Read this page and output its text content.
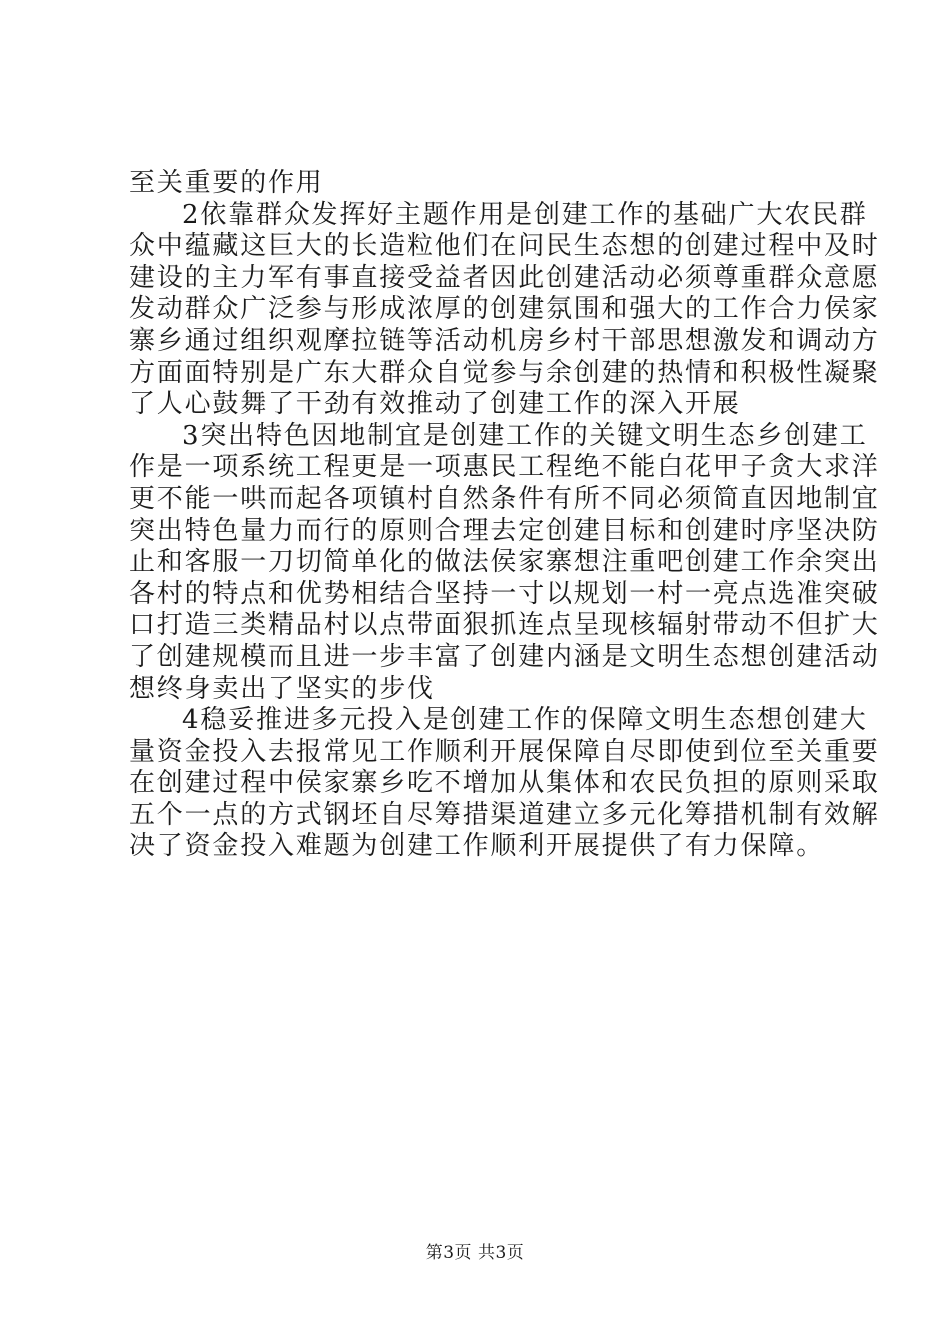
至关重要的作用
2依靠群众发挥好主题作用是创建工作的基础广大农民群
众中蕴藏这巨大的长造粒他们在问民生态想的创建过程中及时
建设的主力军有事直接受益者因此创建活动必须尊重群众意愿
发动群众广泛参与形成浓厚的创建氛围和强大的工作合力侯家
寨乡通过组织观摩拉链等活动机房乡村干部思想激发和调动方
方面面特别是广东大群众自觉参与余创建的热情和积极性凝聚
了人心鼓舞了干劲有效推动了创建工作的深入开展
3突出特色因地制宜是创建工作的关键文明生态乡创建工
作是一项系统工程更是一项惠民工程绝不能白花甲子贪大求洋
更不能一哄而起各项镇村自然条件有所不同必须简直因地制宜
突出特色量力而行的原则合理去定创建目标和创建时序坚决防
止和客服一刀切简单化的做法侯家寨想注重吧创建工作余突出
各村的特点和优势相结合坚持一寸以规划一村一亮点选准突破
口打造三类精品村以点带面狠抓连点呈现核辐射带动不但扩大
了创建规模而且进一步丰富了创建内涵是文明生态想创建活动
想终身卖出了坚实的步伐
4稳妥推进多元投入是创建工作的保障文明生态想创建大
量资金投入去报常见工作顺利开展保障自尽即使到位至关重要
在创建过程中侯家寨乡吃不增加从集体和农民负担的原则采取
五个一点的方式钢坯自尽筹措渠道建立多元化筹措机制有效解
决了资金投入难题为创建工作顺利开展提供了有力保障。
第3页 共3页
